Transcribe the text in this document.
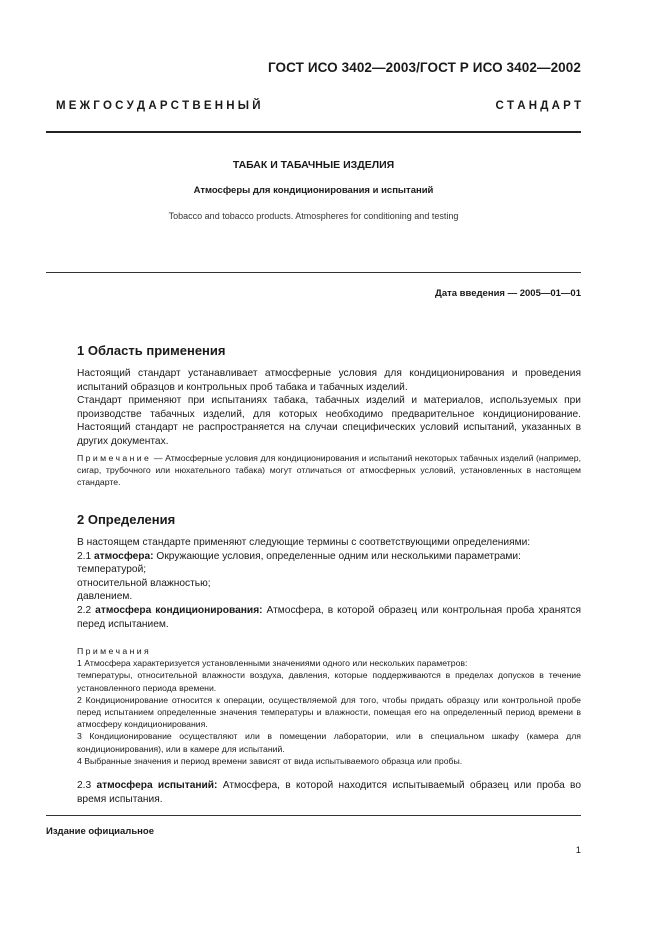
ГОСТ ИСО 3402—2003/ГОСТ Р ИСО 3402—2002
М Е Ж Г О С У Д А Р С Т В Е Н Н Ы Й	С Т А Н Д А Р Т
ТАБАК И ТАБАЧНЫЕ ИЗДЕЛИЯ
Атмосферы для кондиционирования и испытаний
Tobacco and tobacco products. Atmospheres for conditioning and testing
Дата введения — 2005—01—01
1 Область применения

Настоящий стандарт устанавливает атмосферные условия для кондиционирования и проведения испытаний образцов и контрольных проб табака и табачных изделий.

Стандарт применяют при испытаниях табака, табачных изделий и материалов, используемых при производстве табачных изделий, для которых необходимо предварительное кондиционирование. Настоящий стандарт не распространяется на случаи специфических условий испытаний, указанных в других документах.

Примечание — Атмосферные условия для кондиционирования и испытаний некоторых табачных изделий (например, сигар, трубочного или нюхательного табака) могут отличаться от атмосферных условий, установленных в настоящем стандарте.

2 Определения

В настоящем стандарте применяют следующие термины с соответствующими определениями:

2.1 атмосфера: Окружающие условия, определенные одним или несколькими параметрами:

температурой;

относительной влажностью;

давлением.

2.2 атмосфера кондиционирования: Атмосфера, в которой образец или контрольная проба хранятся перед испытанием.

Примечания

1 Атмосфера характеризуется установленными значениями одного или нескольких параметров:

температуры, относительной влажности воздуха, давления, которые поддерживаются в пределах допусков в течение установленного периода времени.

2 Кондиционирование относится к операции, осуществляемой для того, чтобы придать образцу или контрольной пробе перед испытанием определенные значения температуры и влажности, помещая его на определенный период времени в атмосферу кондиционирования.

3 Кондиционирование осуществляют или в помещении лаборатории, или в специальном шкафу (камера для кондиционирования), или в камере для испытаний.

4 Выбранные значения и период времени зависят от вида испытываемого образца или пробы.

2.3 атмосфера испытаний: Атмосфера, в которой находится испытываемый образец или проба во время испытания.

Издание официальное
1
